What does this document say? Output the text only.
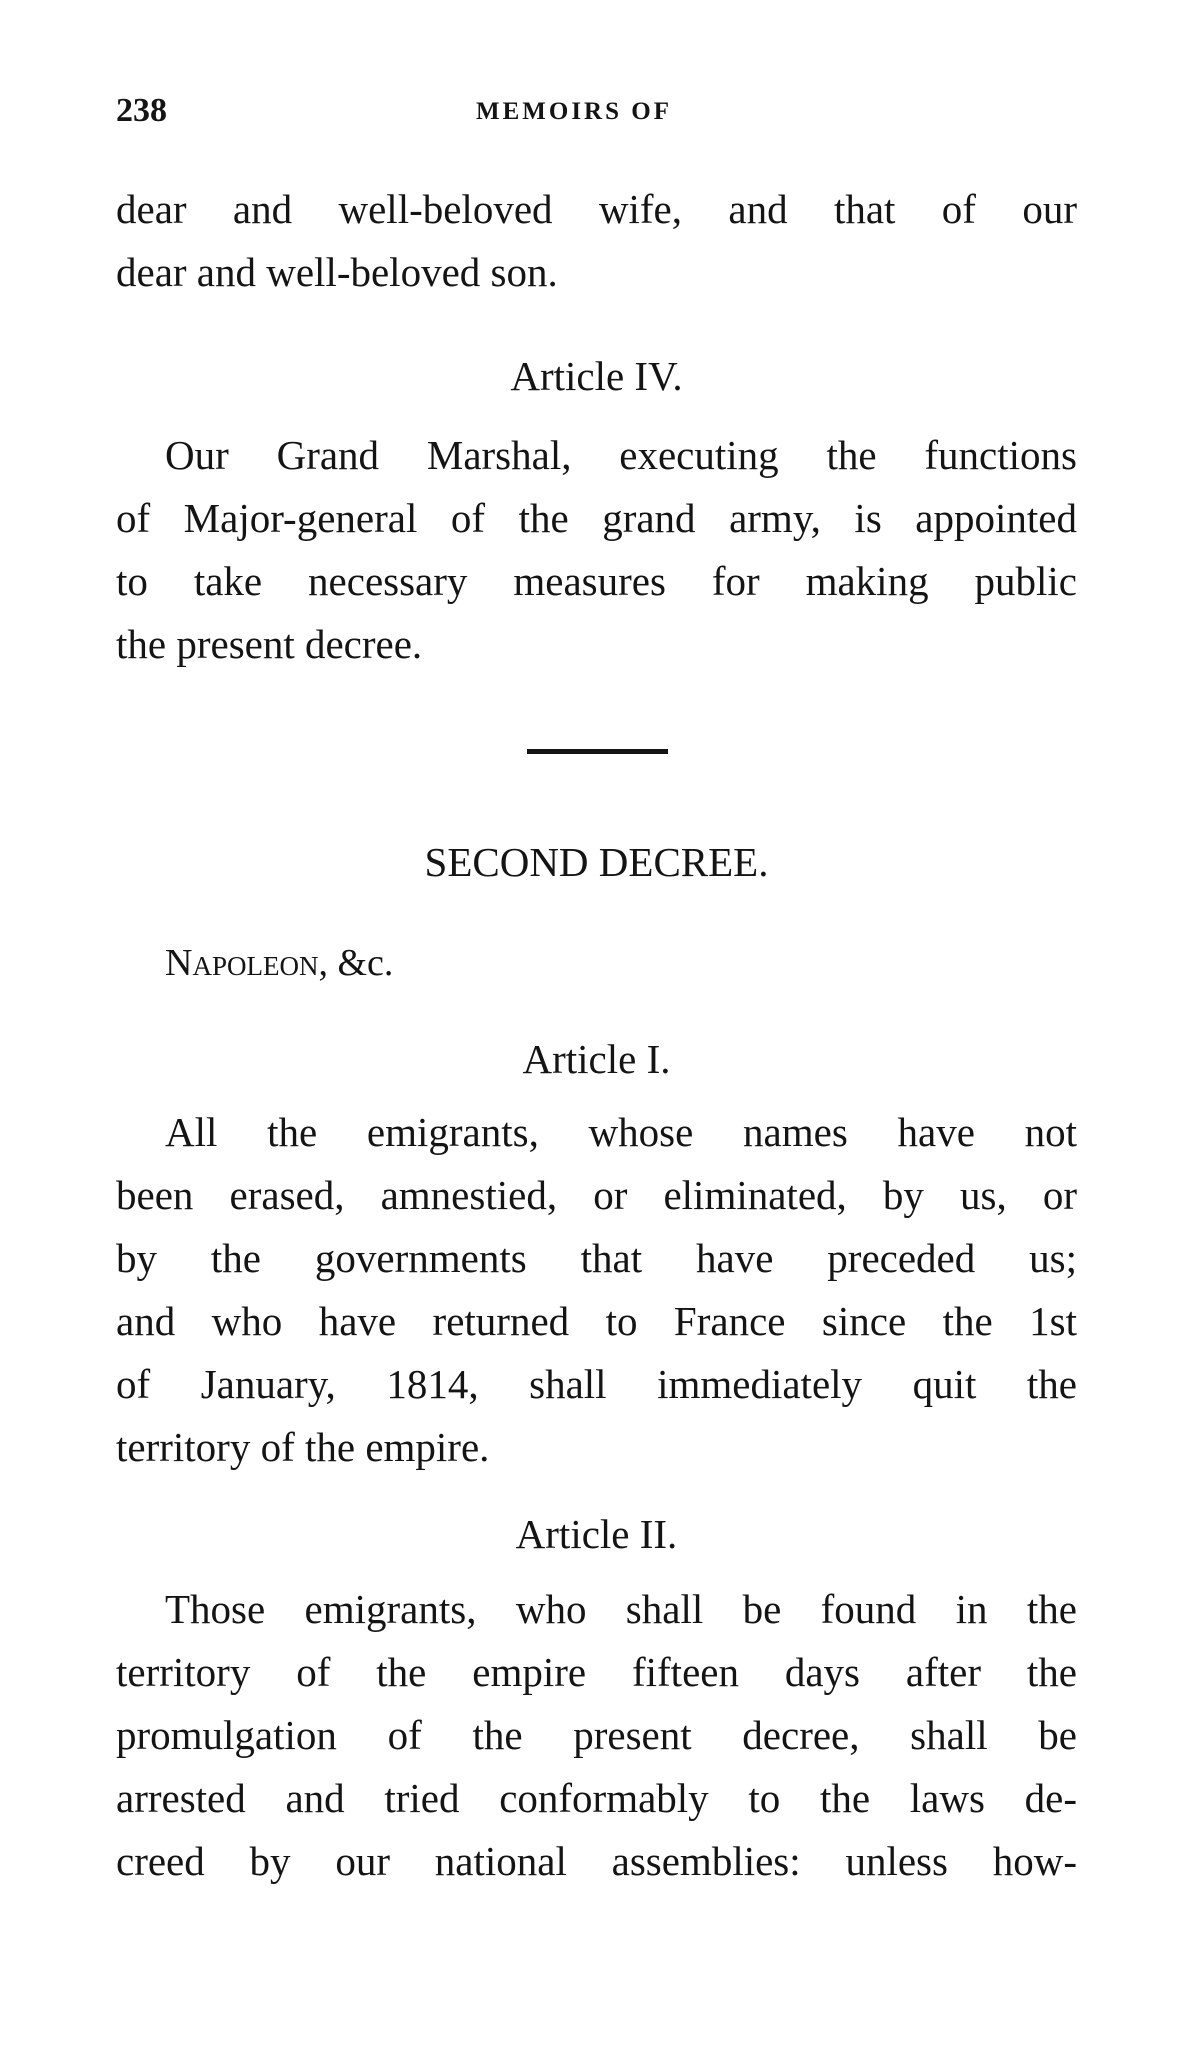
238	MEMOIRS OF
dear and well-beloved wife, and that of our
dear and well-beloved son.
Article IV.
Our Grand Marshal, executing the functions
of Major-general of the grand army, is appointed
to take necessary measures for making public
the present decree.
SECOND DECREE.
Napoleon, &c.
Article I.
All the emigrants, whose names have not
been erased, amnestied, or eliminated, by us, or
by the governments that have preceded us;
and who have returned to France since the 1st
of January, 1814, shall immediately quit the
territory of the empire.
Article II.
Those emigrants, who shall be found in the
territory of the empire fifteen days after the
promulgation of the present decree, shall be
arrested and tried conformably to the laws de-
creed by our national assemblies: unless how-
